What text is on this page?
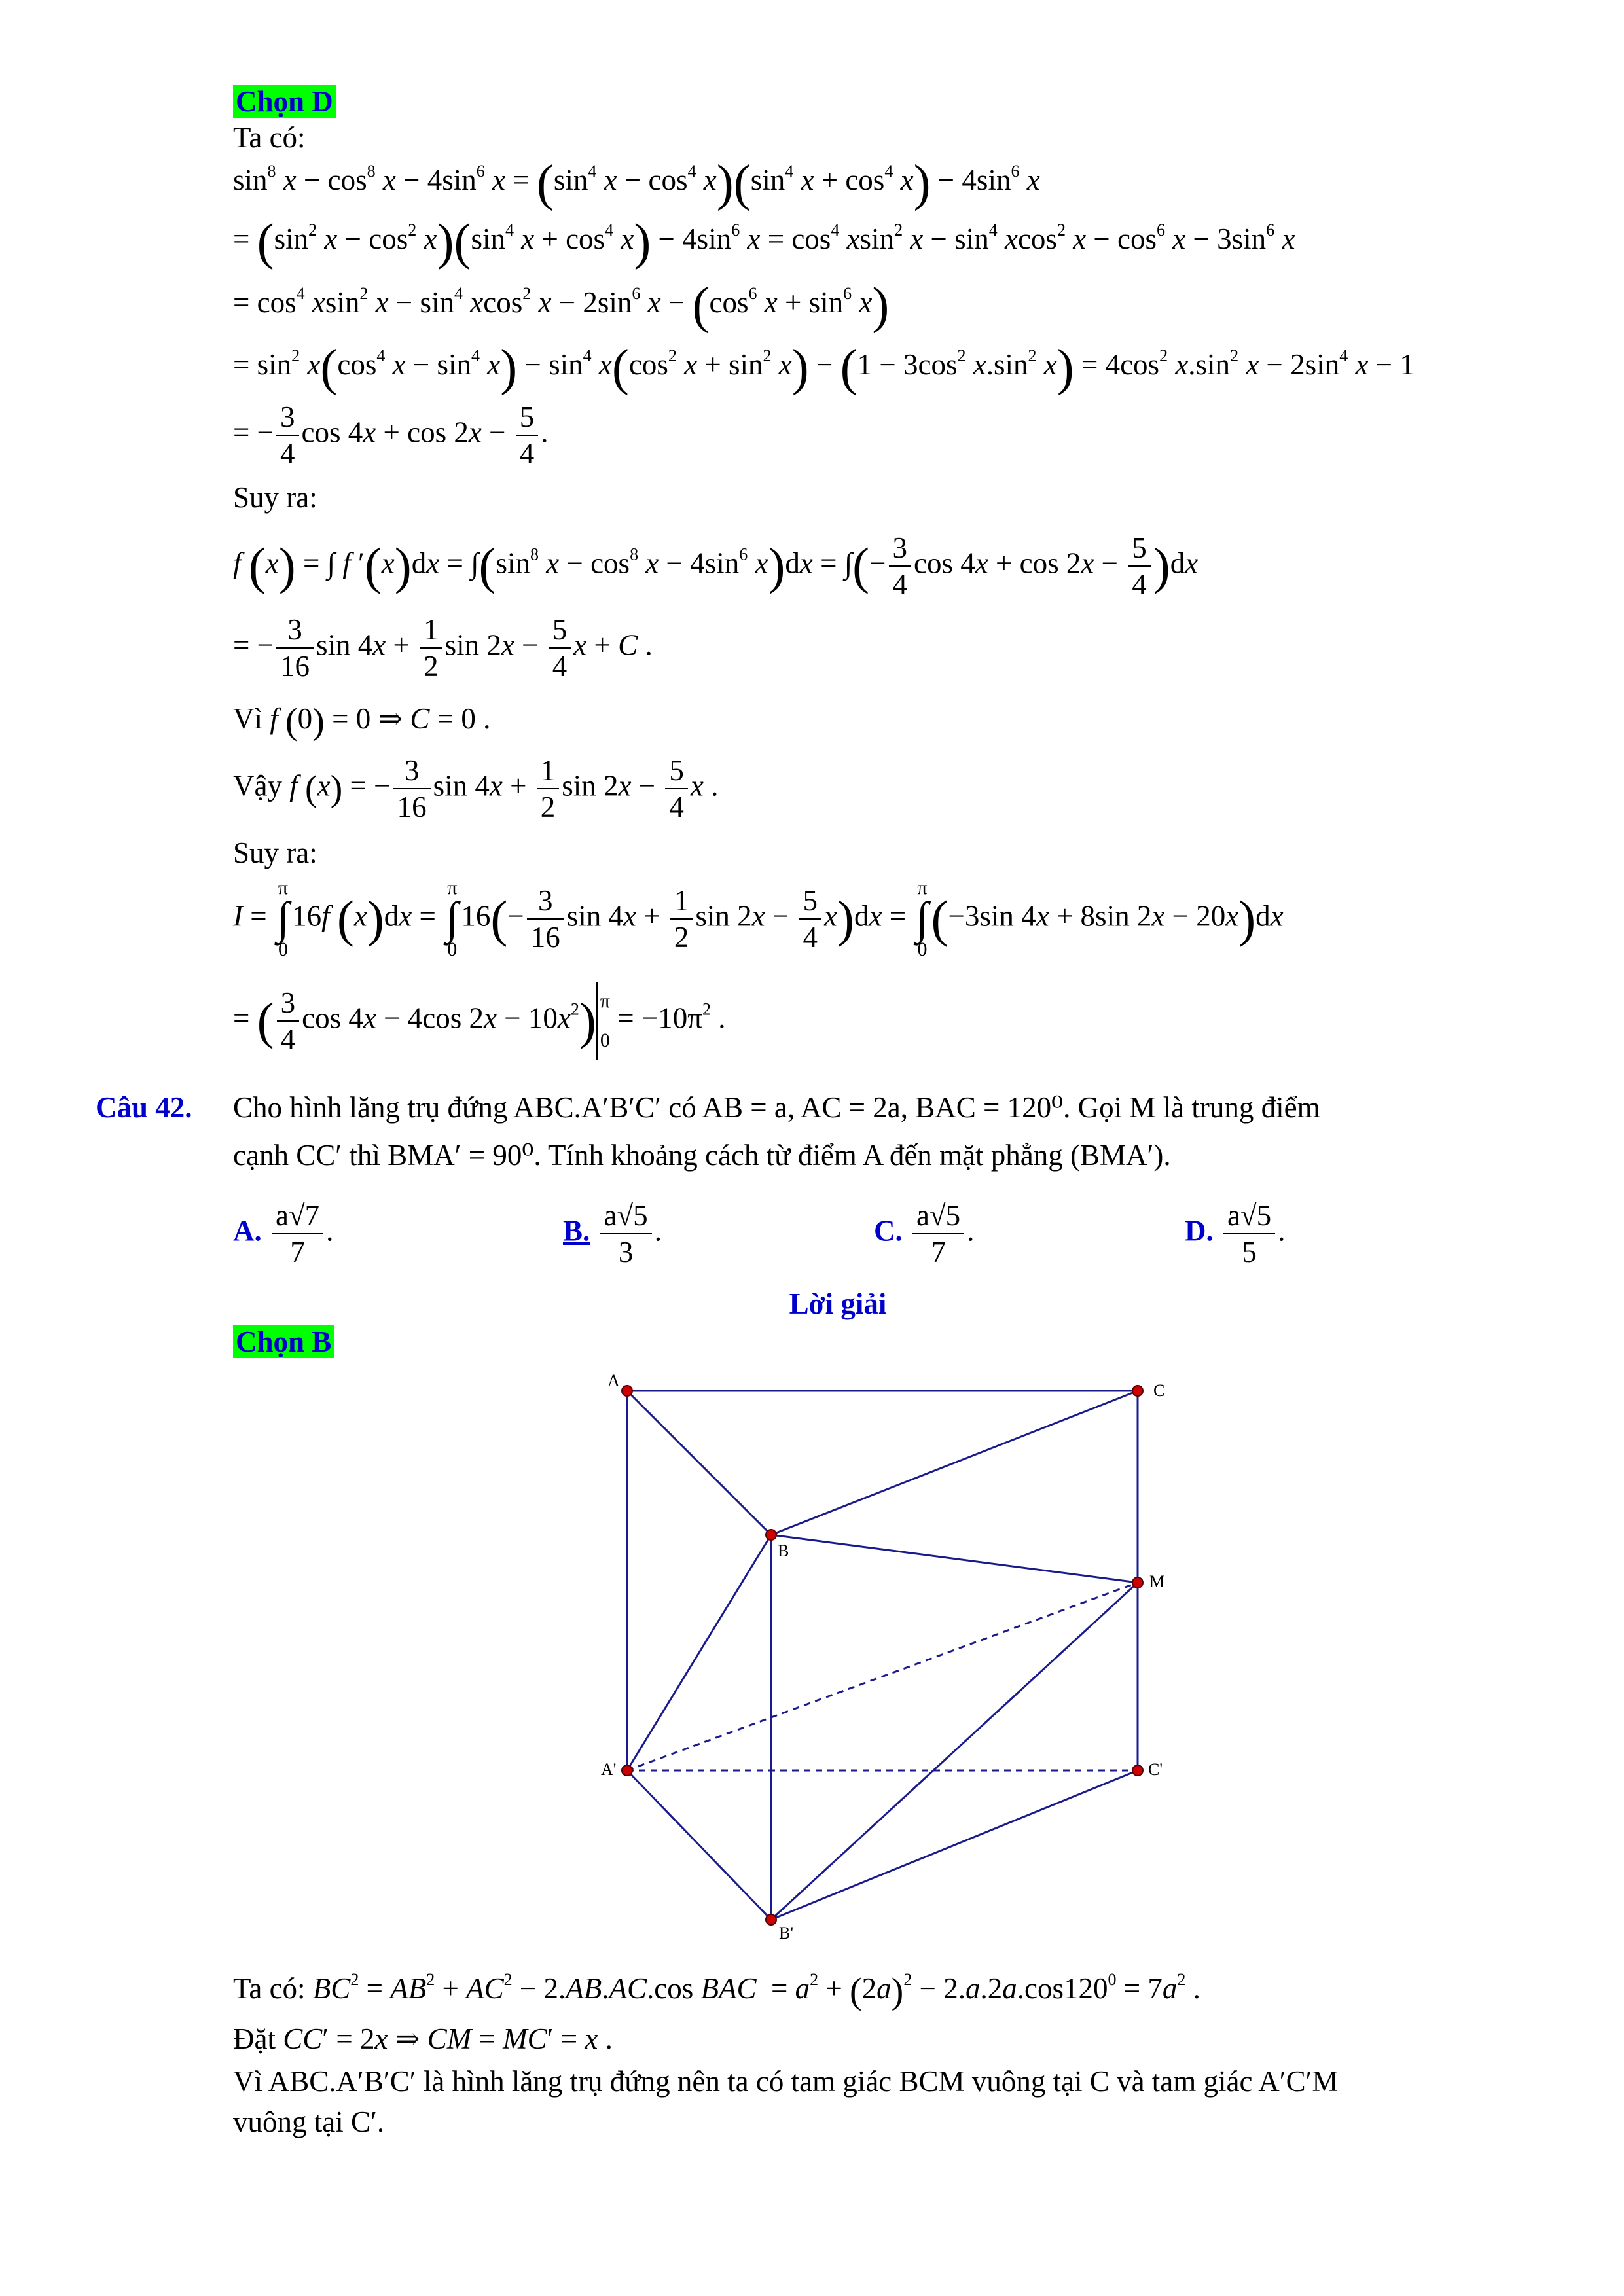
Chọn D
Ta có:
$\sin^8 x - \cos^8 x - 4\sin^6$ $x = (\sin^4$ $x - \cos^4 x)(\sin^4$ $x + \cos^4 x) - 4\sin^6$ x
= ($\sin^2$ $x - \cos^2 x)(\sin^4$ $x + \cos^4 x) - 4\sin^6$ $x = \cos^4 xsin^2$ $x - \sin^4 xcos^2$ $x - \cos^6 x - 3\sin^6$ x
= $\cos^4 xsin^2$ $x - \sin^4 xcos^2$ $x - 2\sin^6$ $x - (\cos^6$ $x + \sin^6 x$)
= $\sin^2 x(\cos^4$ $x - \sin^4 x) - \sin^4 x(\cos^2$ $x + \sin^2 x) - (1 - 3\cos^2$ $x.\sin^2$ $x) = 4\cos^2$ $x.\sin^2$ $x - 2\sin^4$ x − 1
= − $\frac{3}{4}$ $\cos 4x + \cos 2x - \frac{5}{4}$ .
Suy ra:
f (x) = ∫ f $'(x)dx = \int(\sin^8$ $x - \cos^8 x - 4\sin^6$ x)dx = ∫(− $\frac{3}{4}$ $\cos 4x + \cos 2x - \frac{5}{4} )dx$
= − $\frac{3}{16}$ $\sin 4x + \frac{1}{2}$ $\sin 2x - \frac{5}{4}$ x + C .
Vì f (0) = 0 ⇒ C = 0 .
Vậy f (x) = − $\frac{3}{16}$ $\sin 4x + \frac{1}{2}$ $\sin 2x - \frac{5}{4}$ x .
Suy ra:
I = π
∫
016f (x)dx = π
∫
$016(- \frac{3}{16}$ $\sin 4x + \frac{1}{2}$ $\sin 2x - \frac{5}{4} x)dx = \pi$
∫
0(−3sin 4x + 8sin 2x − 20x)dx
= ( $\frac{3}{4}$ cos 4x − 4cos $2x - 10x^2$) π
$0 = -10\pi^2$ .
Câu 42. Cho hình lăng trụ đứng ABC.A′B′C′ có AB = a, AC = 2a, BAC = 120⁰. Gọi M là trung điểm
cạnh CC′ thì BMA′ = 90⁰. Tính khoảng cách từ điểm A đến mặt phẳng (BMA′).
A. $\frac{a√7}{7}$ .	B. $\frac{a√5}{3}$ .	C. $\frac{a√5}{7}$ .	D. $\frac{a√5}{5}$ .
Lời giải
Chọn B
A
C
B
M
A'	C'
B'
Ta có: $BC^2 = AB^2 + AC^2 - 2.AB.AC.\cos$ BAC  = $a^2 + (2a)^2 - 2.a.2a.\cos 120^0 = 7a^2$ .
Đặt CC′ = 2x ⇒ CM = MC′ = x .
Vì ABC.A′B′C′ là hình lăng trụ đứng nên ta có tam giác BCM vuông tại C và tam giác A′C′M
vuông tại C′.
